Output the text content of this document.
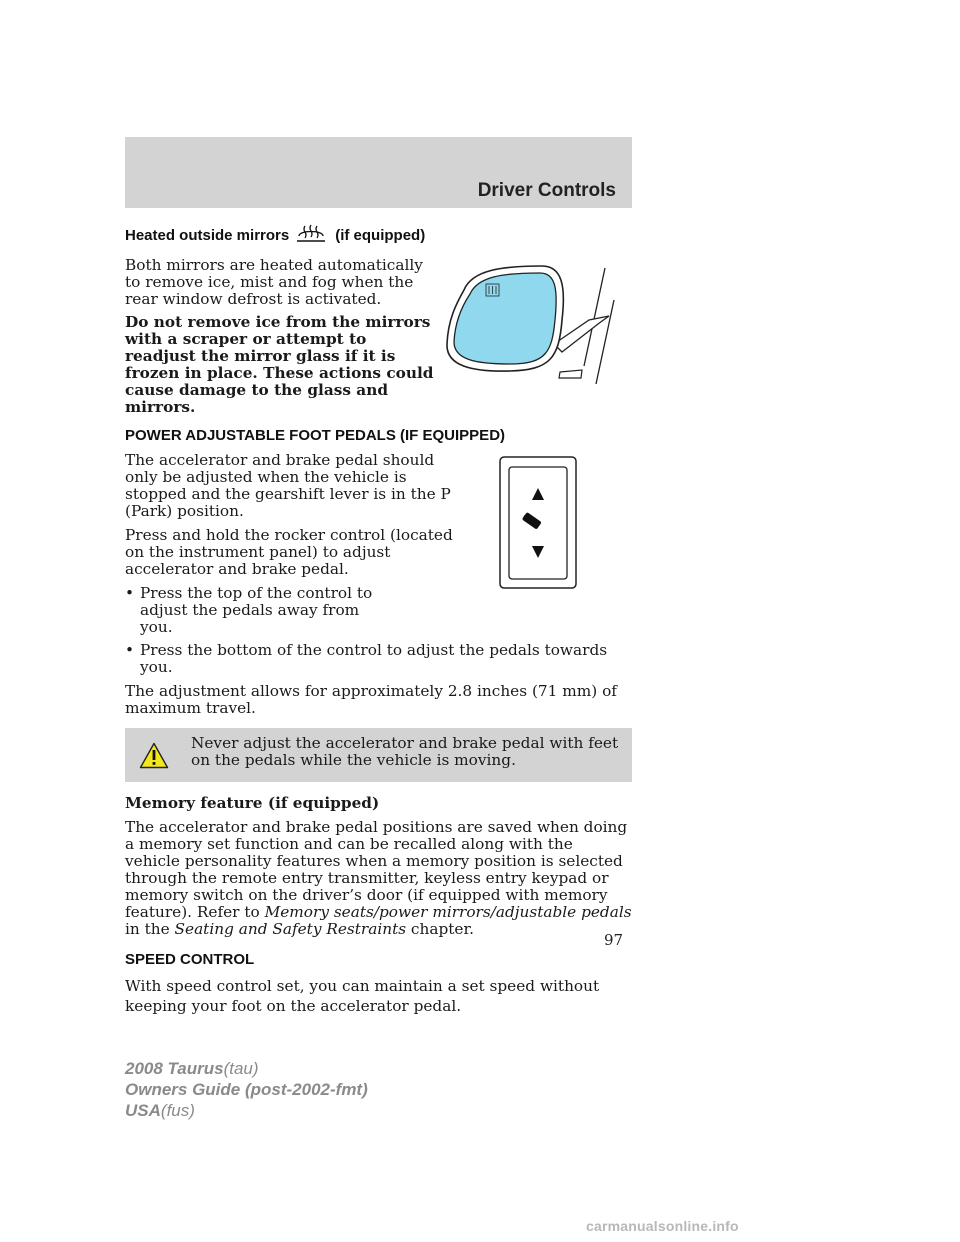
Driver Controls
Heated outside mirrors	(if equipped)

Both mirrors are heated automatically to remove ice, mist and fog when the rear window defrost is activated.

Do not remove ice from the mirrors with a scraper or attempt to readjust the mirror glass if it is frozen in place. These actions could cause damage to the glass and mirrors.

POWER ADJUSTABLE FOOT PEDALS (IF EQUIPPED)

The accelerator and brake pedal should only be adjusted when the vehicle is stopped and the gearshift lever is in the P (Park) position.

Press and hold the rocker control (located on the instrument panel) to adjust accelerator and brake pedal.

• Press the top of the control to adjust the pedals away from you.
• Press the bottom of the control to adjust the pedals towards you.

The adjustment allows for approximately 2.8 inches (71 mm) of maximum travel.

Never adjust the accelerator and brake pedal with feet on the pedals while the vehicle is moving.

Memory feature (if equipped)

The accelerator and brake pedal positions are saved when doing a memory set function and can be recalled along with the vehicle personality features when a memory position is selected through the remote entry transmitter, keyless entry keypad or memory switch on the driver’s door (if equipped with memory feature). Refer to Memory seats/power mirrors/adjustable pedals in the Seating and Safety Restraints chapter.

SPEED CONTROL

With speed control set, you can maintain a set speed without keeping your foot on the accelerator pedal.

97
2008 Taurus(tau)
Owners Guide (post-2002-fmt)
USA(fus)
carmanualsonline.info
